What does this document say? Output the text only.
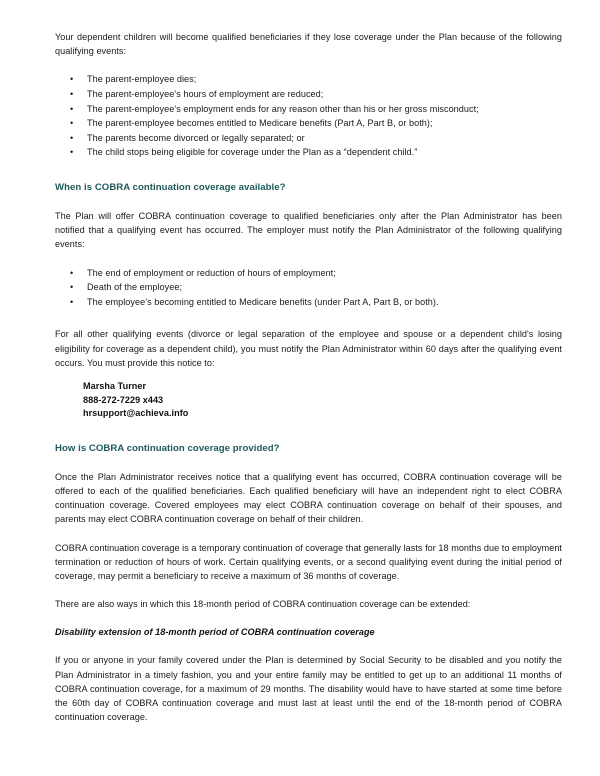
Your dependent children will become qualified beneficiaries if they lose coverage under the Plan because of the following qualifying events:

• The parent-employee dies;
• The parent-employee’s hours of employment are reduced;
• The parent-employee’s employment ends for any reason other than his or her gross misconduct;
• The parent-employee becomes entitled to Medicare benefits (Part A, Part B, or both);
• The parents become divorced or legally separated; or
• The child stops being eligible for coverage under the Plan as a “dependent child.”
When is COBRA continuation coverage available?

The Plan will offer COBRA continuation coverage to qualified beneficiaries only after the Plan Administrator has been notified that a qualifying event has occurred. The employer must notify the Plan Administrator of the following qualifying events:

• The end of employment or reduction of hours of employment;
• Death of the employee;
• The employee’s becoming entitled to Medicare benefits (under Part A, Part B, or both).

For all other qualifying events (divorce or legal separation of the employee and spouse or a dependent child's losing eligibility for coverage as a dependent child), you must notify the Plan Administrator within 60 days after the qualifying event occurs. You must provide this notice to:

Marsha Turner

888-272-7229 x443

hrsupport@achieva.info

How is COBRA continuation coverage provided?

Once the Plan Administrator receives notice that a qualifying event has occurred, COBRA continuation coverage will be offered to each of the qualified beneficiaries. Each qualified beneficiary will have an independent right to elect COBRA continuation coverage. Covered employees may elect COBRA continuation coverage on behalf of their spouses, and parents may elect COBRA continuation coverage on behalf of their children.

COBRA continuation coverage is a temporary continuation of coverage that generally lasts for 18 months due to employment termination or reduction of hours of work. Certain qualifying events, or a second qualifying event during the initial period of coverage, may permit a beneficiary to receive a maximum of 36 months of coverage.

There are also ways in which this 18-month period of COBRA continuation coverage can be extended:

Disability extension of 18-month period of COBRA continuation coverage

If you or anyone in your family covered under the Plan is determined by Social Security to be disabled and you notify the Plan Administrator in a timely fashion, you and your entire family may be entitled to get up to an additional 11 months of COBRA continuation coverage, for a maximum of 29 months. The disability would have to have started at some time before the 60th day of COBRA continuation coverage and must last at least until the end of the 18-month period of COBRA continuation coverage.
